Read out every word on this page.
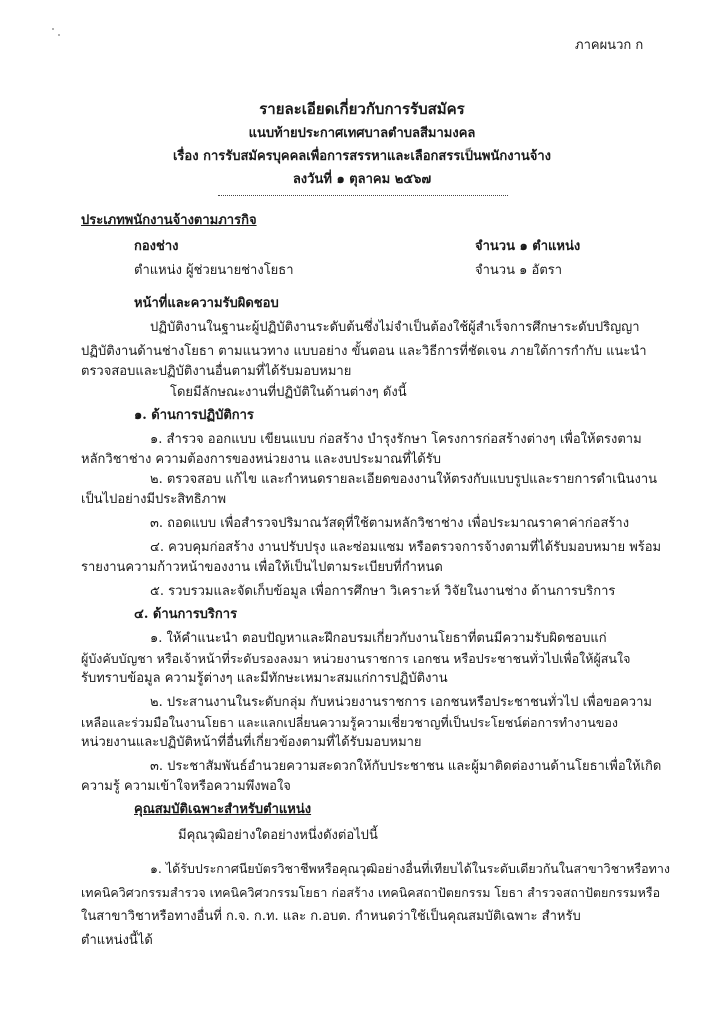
ภาคผนวก ก
รายละเอียดเกี่ยวกับการรับสมัคร
แนบท้ายประกาศเทศบาลตำบลสีมามงคล
เรื่อง การรับสมัครบุคคลเพื่อการสรรหาและเลือกสรรเป็นพนักงานจ้าง
ลงวันที่ ๑ ตุลาคม ๒๕๖๗
ประเภทพนักงานจ้างตามภารกิจ
กองช่าง	จำนวน ๑ ตำแหน่ง
ตำแหน่ง ผู้ช่วยนายช่างโยธา	จำนวน ๑ อัตรา
หน้าที่และความรับผิดชอบ
ปฏิบัติงานในฐานะผู้ปฏิบัติงานระดับต้นซึ่งไม่จำเป็นต้องใช้ผู้สำเร็จการศึกษาระดับปริญญา
ปฏิบัติงานด้านช่างโยธา ตามแนวทาง แบบอย่าง ขั้นตอน และวิธีการที่ชัดเจน ภายใต้การกำกับ แนะนำ
ตรวจสอบและปฏิบัติงานอื่นตามที่ได้รับมอบหมาย
โดยมีลักษณะงานที่ปฏิบัติในด้านต่างๆ ดังนี้
๑. ด้านการปฏิบัติการ
๑. สำรวจ ออกแบบ เขียนแบบ ก่อสร้าง บำรุงรักษา โครงการก่อสร้างต่างๆ เพื่อให้ตรงตาม
หลักวิชาช่าง ความต้องการของหน่วยงาน และงบประมาณที่ได้รับ
๒. ตรวจสอบ แก้ไข และกำหนดรายละเอียดของงานให้ตรงกับแบบรูปและรายการดำเนินงาน
เป็นไปอย่างมีประสิทธิภาพ
๓. ถอดแบบ เพื่อสำรวจปริมาณวัสดุที่ใช้ตามหลักวิชาช่าง เพื่อประมาณราคาค่าก่อสร้าง
๔. ควบคุมก่อสร้าง งานปรับปรุง และซ่อมแซม หรือตรวจการจ้างตามที่ได้รับมอบหมาย พร้อม
รายงานความก้าวหน้าของงาน เพื่อให้เป็นไปตามระเบียบที่กำหนด
๕. รวบรวมและจัดเก็บข้อมูล เพื่อการศึกษา วิเคราะห์ วิจัยในงานช่าง ด้านการบริการ
๔. ด้านการบริการ
๑. ให้คำแนะนำ ตอบปัญหาและฝึกอบรมเกี่ยวกับงานโยธาที่ตนมีความรับผิดชอบแก่
ผู้บังคับบัญชา หรือเจ้าหน้าที่ระดับรองลงมา หน่วยงานราชการ เอกชน หรือประชาชนทั่วไปเพื่อให้ผู้สนใจ
รับทราบข้อมูล ความรู้ต่างๆ และมีทักษะเหมาะสมแก่การปฏิบัติงาน
๒. ประสานงานในระดับกลุ่ม กับหน่วยงานราชการ เอกชนหรือประชาชนทั่วไป เพื่อขอความ
เหลือและร่วมมือในงานโยธา และแลกเปลี่ยนความรู้ความเชี่ยวชาญที่เป็นประโยชน์ต่อการทำงานของ
หน่วยงานและปฏิบัติหน้าที่อื่นที่เกี่ยวข้องตามที่ได้รับมอบหมาย
๓. ประชาสัมพันธ์อำนวยความสะดวกให้กับประชาชน และผู้มาติดต่องานด้านโยธาเพื่อให้เกิด
ความรู้ ความเข้าใจหรือความพึงพอใจ
คุณสมบัติเฉพาะสำหรับตำแหน่ง
มีคุณวุฒิอย่างใดอย่างหนึ่งดังต่อไปนี้
๑. ได้รับประกาศนียบัตรวิชาชีพหรือคุณวุฒิอย่างอื่นที่เทียบได้ในระดับเดียวกันในสาขาวิชาหรือทาง
เทคนิควิศวกรรมสำรวจ เทคนิควิศวกรรมโยธา ก่อสร้าง เทคนิคสถาปัตยกรรม โยธา สำรวจสถาปัตยกรรมหรือ
ในสาขาวิชาหรือทางอื่นที่ ก.จ. ก.ท. และ ก.อบต. กำหนดว่าใช้เป็นคุณสมบัติเฉพาะ สำหรับ
ตำแหน่งนี้ได้
